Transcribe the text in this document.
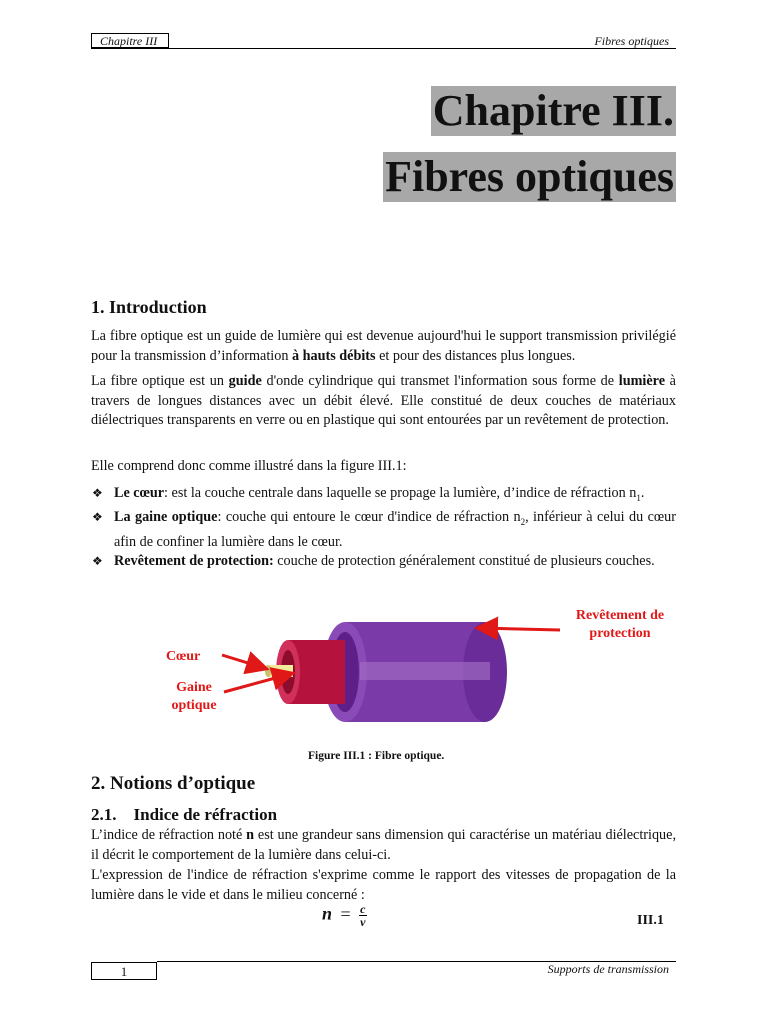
Chapitre III	Fibres optiques
Chapitre III.
Fibres optiques
1. Introduction
La fibre optique est un guide de lumière qui est devenue aujourd'hui le support transmission privilégié pour la transmission d’information à hauts débits et pour des distances plus longues.
La fibre optique est un guide d'onde cylindrique qui transmet l'information sous forme de lumière à travers de longues distances avec un débit élevé. Elle constitué de deux couches de matériaux diélectriques transparents en verre ou en plastique qui sont entourées par un revêtement de protection.
Elle comprend donc comme illustré dans la figure III.1:
❖ Le cœur: est la couche centrale dans laquelle se propage la lumière, d’indice de réfraction $n_1$.
❖ La gaine optique: couche qui entoure le cœur d'indice de réfraction $n_2$, inférieur à celui du cœur afin de confiner la lumière dans le cœur.
❖ Revêtement de protection: couche de protection généralement constitué de plusieurs couches.
Cœur
Gaine optique
Revêtement de protection
Figure III.1 : Fibre optique.
2. Notions d’optique
2.1.    Indice de réfraction
L’indice de réfraction noté n est une grandeur sans dimension qui caractérise un matériau diélectrique, il décrit le comportement de la lumière dans celui-ci.
L'expression de l'indice de réfraction s'exprime comme le rapport des vitesses de propagation de la lumière dans le vide et dans le milieu concerné :
$n = \frac{c}{v}$	III.1
1	Supports de transmission
